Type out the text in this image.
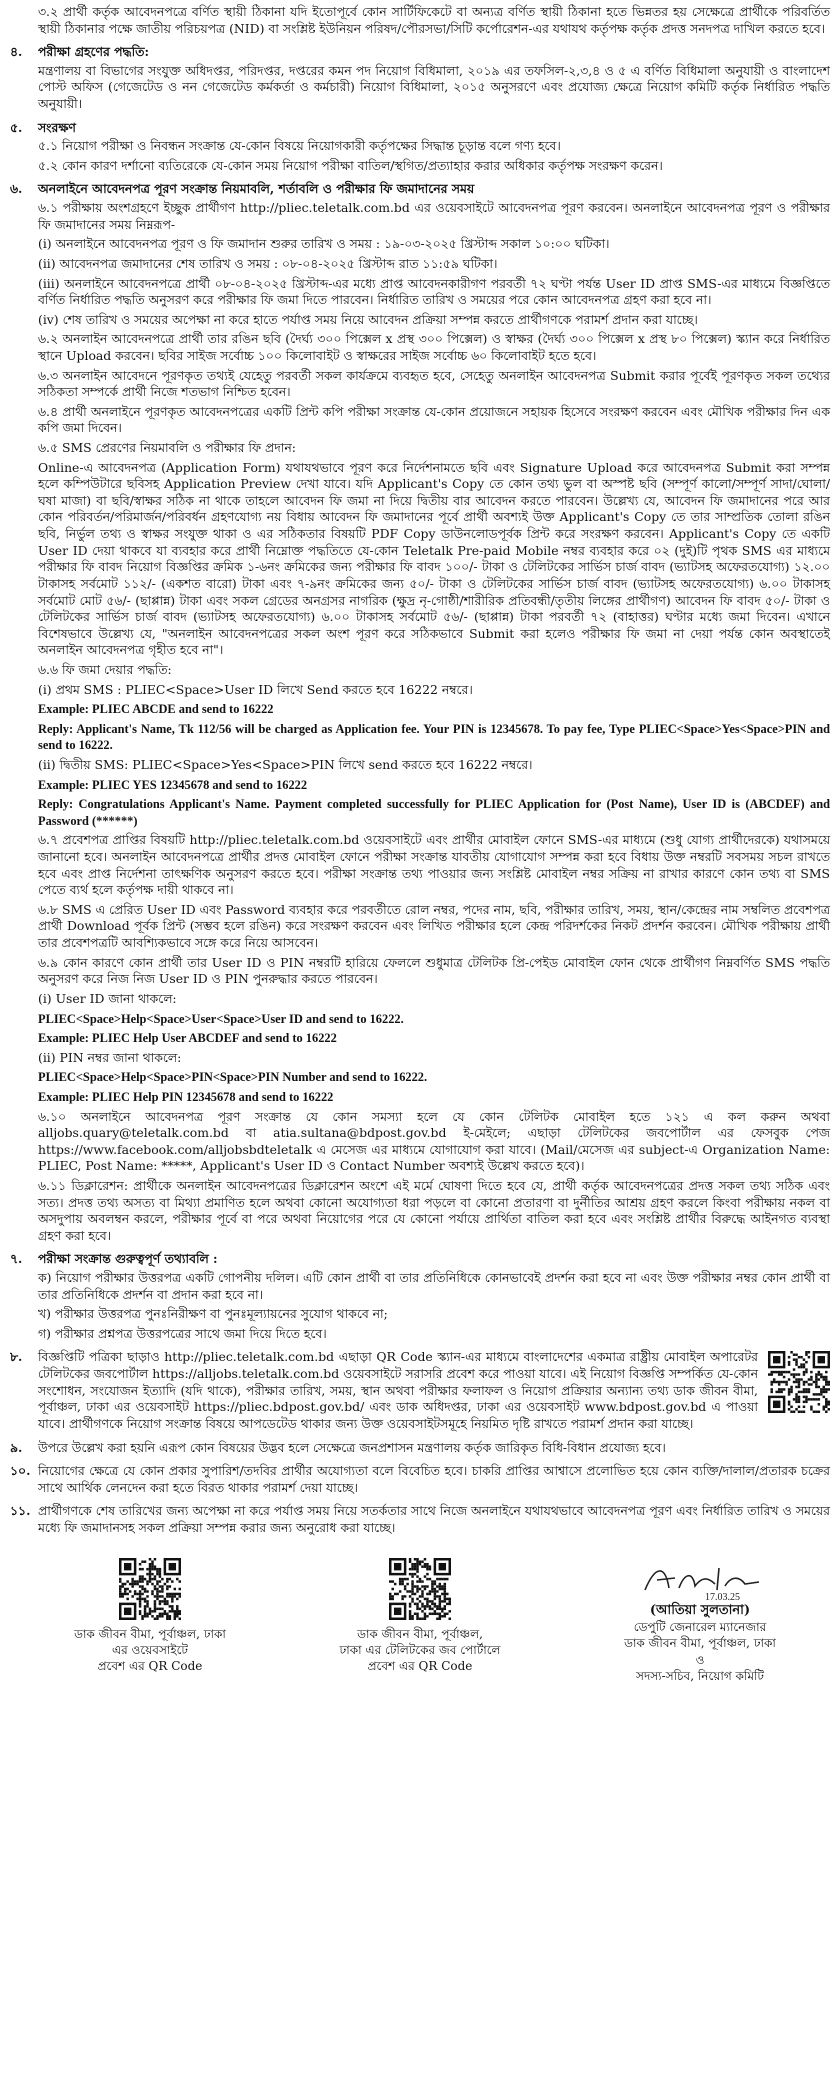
৩.২ প্রার্থী কর্তৃক আবেদনপত্রে বর্ণিত স্থায়ী ঠিকানা যদি ইতোপূর্বে কোন সার্টিফিকেটে বা অন্যত্র বর্ণিত স্থায়ী ঠিকানা হতে ভিন্নতর হয় সেক্ষেত্রে প্রার্থীকে পরিবর্তিত স্থায়ী ঠিকানার পক্ষে জাতীয় পরিচয়পত্র (NID) বা সংশ্লিষ্ট ইউনিয়ন পরিষদ/পৌরসভা/সিটি কর্পোরেশন-এর যথাযথ কর্তৃপক্ষ কর্তৃক প্রদত্ত সনদপত্র দাখিল করতে হবে।

৪.	পরীক্ষা গ্রহণের পদ্ধতি:

মন্ত্রণালয় বা বিভাগের সংযুক্ত অধিদপ্তর, পরিদপ্তর, দপ্তরের কমন পদ নিয়োগ বিধিমালা, ২০১৯ এর তফসিল-২,৩,৪ ও ৫ এ বর্ণিত বিধিমালা অনুযায়ী ও বাংলাদেশ পোস্ট অফিস (গেজেটেড ও নন গেজেটেড কর্মকর্তা ও কর্মচারী) নিয়োগ বিধিমালা, ২০১৫ অনুসরণে এবং প্রযোজ্য ক্ষেত্রে নিয়োগ কমিটি কর্তৃক নির্ধারিত পদ্ধতি অনুযায়ী।

৫.	সংরক্ষণ

৫.১ নিয়োগ পরীক্ষা ও নিবন্ধন সংক্রান্ত যে-কোন বিষয়ে নিয়োগকারী কর্তৃপক্ষের সিদ্ধান্ত চূড়ান্ত বলে গণ্য হবে।

৫.২ কোন কারণ দর্শানো ব্যতিরেকে যে-কোন সময় নিয়োগ পরীক্ষা বাতিল/স্থগিত/প্রত্যাহার করার অধিকার কর্তৃপক্ষ সংরক্ষণ করেন।

৬.	অনলাইনে আবেদনপত্র পূরণ সংক্রান্ত নিয়মাবলি, শর্তাবলি ও পরীক্ষার ফি জমাদানের সময়

৬.১ পরীক্ষায় অংশগ্রহণে ইচ্ছুক প্রার্থীগণ http://pliec.teletalk.com.bd এর ওয়েবসাইটে আবেদনপত্র পূরণ করবেন। অনলাইনে আবেদনপত্র পূরণ ও পরীক্ষার ফি জমাদানের সময় নিম্নরূপ-

(i) অনলাইনে আবেদনপত্র পূরণ ও ফি জমাদান শুরুর তারিখ ও সময় : ১৯-০৩-২০২৫ খ্রিস্টাব্দ সকাল ১০:০০ ঘটিকা।

(ii) আবেদনপত্র জমাদানের শেষ তারিখ ও সময় : ০৮-০৪-২০২৫ খ্রিস্টাব্দ রাত ১১:৫৯ ঘটিকা।

(iii) অনলাইনে আবেদনপত্রে প্রার্থী ০৮-০৪-২০২৫ খ্রিস্টাব্দ-এর মধ্যে প্রাপ্ত আবেদনকারীগণ পরবর্তী ৭২ ঘণ্টা পর্যন্ত User ID প্রাপ্ত SMS-এর মাধ্যমে বিজ্ঞপ্তিতে বর্ণিত নির্ধারিত পদ্ধতি অনুসরণ করে পরীক্ষার ফি জমা দিতে পারবেন। নির্ধারিত তারিখ ও সময়ের পরে কোন আবেদনপত্র গ্রহণ করা হবে না।

(iv) শেষ তারিখ ও সময়ের অপেক্ষা না করে হাতে পর্যাপ্ত সময় নিয়ে আবেদন প্রক্রিয়া সম্পন্ন করতে প্রার্থীগণকে পরামর্শ প্রদান করা যাচ্ছে।

৬.২ অনলাইন আবেদনপত্রে প্রার্থী তার রঙিন ছবি (দৈর্ঘ্য ৩০০ পিক্সেল x প্রস্থ ৩০০ পিক্সেল) ও স্বাক্ষর (দৈর্ঘ্য ৩০০ পিক্সেল x প্রস্থ ৮০ পিক্সেল) স্ক্যান করে নির্ধারিত স্থানে Upload করবেন। ছবির সাইজ সর্বোচ্চ ১০০ কিলোবাইট ও স্বাক্ষরের সাইজ সর্বোচ্চ ৬০ কিলোবাইট হতে হবে।

৬.৩ অনলাইন আবেদনে পূরণকৃত তথ্যই যেহেতু পরবর্তী সকল কার্যক্রমে ব্যবহৃত হবে, সেহেতু অনলাইন আবেদনপত্র Submit করার পূর্বেই পূরণকৃত সকল তথ্যের সঠিকতা সম্পর্কে প্রার্থী নিজে শতভাগ নিশ্চিত হবেন।

৬.৪ প্রার্থী অনলাইনে পূরণকৃত আবেদনপত্রের একটি প্রিন্ট কপি পরীক্ষা সংক্রান্ত যে-কোন প্রয়োজনে সহায়ক হিসেবে সংরক্ষণ করবেন এবং মৌখিক পরীক্ষার দিন এক কপি জমা দিবেন।

৬.৫ SMS প্রেরণের নিয়মাবলি ও পরীক্ষার ফি প্রদান:

Online-এ আবেদনপত্র (Application Form) যথাযথভাবে পূরণ করে নির্দেশনামতে ছবি এবং Signature Upload করে আবেদনপত্র Submit করা সম্পন্ন হলে কম্পিউটারে ছবিসহ Application Preview দেখা যাবে। যদি Applicant's Copy তে কোন তথ্য ভুল বা অস্পষ্ট ছবি (সম্পূর্ণ কালো/সম্পূর্ণ সাদা/ঘোলা/ঘষা মাজা) বা ছবি/স্বাক্ষর সঠিক না থাকে তাহলে আবেদন ফি জমা না দিয়ে দ্বিতীয় বার আবেদন করতে পারবেন। উল্লেখ্য যে, আবেদন ফি জমাদানের পরে আর কোন পরিবর্তন/পরিমার্জন/পরিবর্ধন গ্রহণযোগ্য নয় বিধায় আবেদন ফি জমাদানের পূর্বে প্রার্থী অবশ্যই উক্ত Applicant's Copy তে তার সাম্প্রতিক তোলা রঙিন ছবি, নির্ভুল তথ্য ও স্বাক্ষর সংযুক্ত থাকা ও এর সঠিকতার বিষয়টি PDF Copy ডাউনলোডপূর্বক প্রিন্ট করে সংরক্ষণ করবেন। Applicant's Copy তে একটি User ID দেয়া থাকবে যা ব্যবহার করে প্রার্থী নিম্নোক্ত পদ্ধতিতে যে-কোন Teletalk Pre-paid Mobile নম্বর ব্যবহার করে ০২ (দুই)টি পৃথক SMS এর মাধ্যমে পরীক্ষার ফি বাবদ নিয়োগ বিজ্ঞপ্তির ক্রমিক ১-৬নং ক্রমিকের জন্য পরীক্ষার ফি বাবদ ১০০/- টাকা ও টেলিটকের সার্ভিস চার্জ বাবদ (ভ্যাটসহ অফেরতযোগ্য) ১২.০০ টাকাসহ সর্বমোট ১১২/- (একশত বারো) টাকা এবং ৭-৯নং ক্রমিকের জন্য ৫০/- টাকা ও টেলিটকের সার্ভিস চার্জ বাবদ (ভ্যাটসহ অফেরতযোগ্য) ৬.০০ টাকাসহ সর্বমোট মোট ৫৬/- (ছাপ্পান্ন) টাকা এবং সকল গ্রেডের অনগ্রসর নাগরিক (ক্ষুদ্র নৃ-গোষ্ঠী/শারীরিক প্রতিবন্ধী/তৃতীয় লিঙ্গের প্রার্থীগণ) আবেদন ফি বাবদ ৫০/- টাকা ও টেলিটকের সার্ভিস চার্জ বাবদ (ভ্যাটসহ অফেরতযোগ্য) ৬.০০ টাকাসহ সর্বমোট ৫৬/- (ছাপ্পান্ন) টাকা পরবর্তী ৭২ (বাহাত্তর) ঘণ্টার মধ্যে জমা দিবেন। এখানে বিশেষভাবে উল্লেখ্য যে, "অনলাইন আবেদনপত্রের সকল অংশ পূরণ করে সঠিকভাবে Submit করা হলেও পরীক্ষার ফি জমা না দেয়া পর্যন্ত কোন অবস্থাতেই অনলাইন আবেদনপত্র গৃহীত হবে না"।

৬.৬ ফি জমা দেয়ার পদ্ধতি:

(i) প্রথম SMS : PLIEC<Space>User ID লিখে Send করতে হবে 16222 নম্বরে।

Example: PLIEC ABCDE and send to 16222

Reply: Applicant's Name, Tk 112/56 will be charged as Application fee. Your PIN is 12345678. To pay fee, Type PLIEC<Space>Yes<Space>PIN and send to 16222.

(ii) দ্বিতীয় SMS: PLIEC<Space>Yes<Space>PIN লিখে send করতে হবে 16222 নম্বরে।

Example: PLIEC YES 12345678 and send to 16222

Reply: Congratulations Applicant's Name. Payment completed successfully for PLIEC Application for (Post Name), User ID is (ABCDEF) and Password (******)

৬.৭ প্রবেশপত্র প্রাপ্তির বিষয়টি http://pliec.teletalk.com.bd ওয়েবসাইটে এবং প্রার্থীর মোবাইল ফোনে SMS-এর মাধ্যমে (শুধু যোগ্য প্রার্থীদেরকে) যথাসময়ে জানানো হবে। অনলাইন আবেদনপত্রে প্রার্থীর প্রদত্ত মোবাইল ফোনে পরীক্ষা সংক্রান্ত যাবতীয় যোগাযোগ সম্পন্ন করা হবে বিধায় উক্ত নম্বরটি সবসময় সচল রাখতে হবে এবং প্রাপ্ত নির্দেশনা তাৎক্ষণিক অনুসরণ করতে হবে। পরীক্ষা সংক্রান্ত তথ্য পাওয়ার জন্য সংশ্লিষ্ট মোবাইল নম্বর সক্রিয় না রাখার কারণে কোন তথ্য বা SMS পেতে ব্যর্থ হলে কর্তৃপক্ষ দায়ী থাকবে না।

৬.৮ SMS এ প্রেরিত User ID এবং Password ব্যবহার করে পরবর্তীতে রোল নম্বর, পদের নাম, ছবি, পরীক্ষার তারিখ, সময়, স্থান/কেন্দ্রের নাম সম্বলিত প্রবেশপত্র প্রার্থী Download পূর্বক প্রিন্ট (সম্ভব হলে রঙিন) করে সংরক্ষণ করবেন এবং লিখিত পরীক্ষার হলে কেন্দ্র পরিদর্শকের নিকট প্রদর্শন করবেন। মৌখিক পরীক্ষায় প্রার্থী তার প্রবেশপত্রটি আবশ্যিকভাবে সঙ্গে করে নিয়ে আসবেন।

৬.৯ কোন কারণে কোন প্রার্থী তার User ID ও PIN নম্বরটি হারিয়ে ফেললে শুধুমাত্র টেলিটক প্রি-পেইড মোবাইল ফোন থেকে প্রার্থীগণ নিম্নবর্ণিত SMS পদ্ধতি অনুসরণ করে নিজ নিজ User ID ও PIN পুনরুদ্ধার করতে পারবেন।

(i) User ID জানা থাকলে:

PLIEC<Space>Help<Space>User<Space>User ID and send to 16222.

Example: PLIEC Help User ABCDEF and send to 16222

(ii) PIN নম্বর জানা থাকলে:

PLIEC<Space>Help<Space>PIN<Space>PIN Number and send to 16222.

Example: PLIEC Help PIN 12345678 and send to 16222

৬.১০ অনলাইনে আবেদনপত্র পূরণ সংক্রান্ত যে কোন সমস্যা হলে যে কোন টেলিটক মোবাইল হতে ১২১ এ কল করুন অথবা alljobs.quary@teletalk.com.bd বা atia.sultana@bdpost.gov.bd ই-মেইলে; এছাড়া টেলিটকের জবপোর্টাল এর ফেসবুক পেজ https://www.facebook.com/alljobsbdteletalk এ মেসেজ এর মাধ্যমে যোগাযোগ করা যাবে। (Mail/মেসেজ এর subject-এ Organization Name: PLIEC, Post Name: *****, Applicant's User ID ও Contact Number অবশ্যই উল্লেখ করতে হবে)।

৬.১১ ডিক্লারেশন: প্রার্থীকে অনলাইন আবেদনপত্রের ডিক্লারেশন অংশে এই মর্মে ঘোষণা দিতে হবে যে, প্রার্থী কর্তৃক আবেদনপত্রের প্রদত্ত সকল তথ্য সঠিক এবং সত্য। প্রদত্ত তথ্য অসত্য বা মিথ্যা প্রমাণিত হলে অথবা কোনো অযোগ্যতা ধরা পড়লে বা কোনো প্রতারণা বা দুর্নীতির আশ্রয় গ্রহণ করলে কিংবা পরীক্ষায় নকল বা অসদুপায় অবলম্বন করলে, পরীক্ষার পূর্বে বা পরে অথবা নিয়োগের পরে যে কোনো পর্যায়ে প্রার্থিতা বাতিল করা হবে এবং সংশ্লিষ্ট প্রার্থীর বিরুদ্ধে আইনগত ব্যবস্থা গ্রহণ করা হবে।

৭.	পরীক্ষা সংক্রান্ত গুরুত্বপূর্ণ তথ্যাবলি :

ক) নিয়োগ পরীক্ষার উত্তরপত্র একটি গোপনীয় দলিল। এটি কোন প্রার্থী বা তার প্রতিনিধিকে কোনভাবেই প্রদর্শন করা হবে না এবং উক্ত পরীক্ষার নম্বর কোন প্রার্থী বা তার প্রতিনিধিকে প্রদর্শন বা প্রদান করা হবে না।

খ) পরীক্ষার উত্তরপত্র পুনঃনিরীক্ষণ বা পুনঃমূল্যায়নের সুযোগ থাকবে না;

গ) পরীক্ষার প্রশ্নপত্র উত্তরপত্রের সাথে জমা দিয়ে দিতে হবে।

৮.	বিজ্ঞপ্তিটি পত্রিকা ছাড়াও http://pliec.teletalk.com.bd এছাড়া QR Code স্ক্যান-এর মাধ্যমে বাংলাদেশের একমাত্র রাষ্ট্রীয় মোবাইল অপারেটর টেলিটকের জবপোর্টাল https://alljobs.teletalk.com.bd ওয়েবসাইটে সরাসরি প্রবেশ করে পাওয়া যাবে। এই নিয়োগ বিজ্ঞপ্তি সম্পর্কিত যে-কোন সংশোধন, সংযোজন ইত্যাদি (যদি থাকে), পরীক্ষার তারিখ, সময়, স্থান অথবা পরীক্ষার ফলাফল ও নিয়োগ প্রক্রিয়ার অন্যান্য তথ্য ডাক জীবন বীমা, পূর্বাঞ্চল, ঢাকা এর ওয়েবসাইট https://pliec.bdpost.gov.bd/ এবং ডাক অধিদপ্তর, ঢাকা এর ওয়েবসাইট www.bdpost.gov.bd এ পাওয়া যাবে। প্রার্থীগণকে নিয়োগ সংক্রান্ত বিষয়ে আপডেটেড থাকার জন্য উক্ত ওয়েবসাইটসমূহে নিয়মিত দৃষ্টি রাখতে পরামর্শ প্রদান করা যাচ্ছে।

৯.	উপরে উল্লেখ করা হয়নি এরূপ কোন বিষয়ের উদ্ভব হলে সেক্ষেত্রে জনপ্রশাসন মন্ত্রণালয় কর্তৃক জারিকৃত বিধি-বিধান প্রযোজ্য হবে।

১০. নিয়োগের ক্ষেত্রে যে কোন প্রকার সুপারিশ/তদবির প্রার্থীর অযোগ্যতা বলে বিবেচিত হবে। চাকরি প্রাপ্তির আশ্বাসে প্রলোভিত হয়ে কোন ব্যক্তি/দালাল/প্রতারক চক্রের সাথে আর্থিক লেনদেন করা হতে বিরত থাকার পরামর্শ দেয়া যাচ্ছে।

১১. প্রার্থীগণকে শেষ তারিখের জন্য অপেক্ষা না করে পর্যাপ্ত সময় নিয়ে সতর্কতার সাথে নিজে অনলাইনে যথাযথভাবে আবেদনপত্র পূরণ এবং নির্ধারিত তারিখ ও সময়ের মধ্যে ফি জমাদানসহ সকল প্রক্রিয়া সম্পন্ন করার জন্য অনুরোধ করা যাচ্ছে।

ডাক জীবন বীমা, পূর্বাঞ্চল, ঢাকা
এর ওয়েবসাইটে
প্রবেশ এর QR Code
ডাক জীবন বীমা, পূর্বাঞ্চল,
ঢাকা এর টেলিটকের জব পোর্টালে
প্রবেশ এর QR Code
17.03.25
(আতিয়া সুলতানা)
ডেপুটি জেনারেল ম্যানেজার
ডাক জীবন বীমা, পূর্বাঞ্চল, ঢাকা
ও
সদস্য-সচিব, নিয়োগ কমিটি
